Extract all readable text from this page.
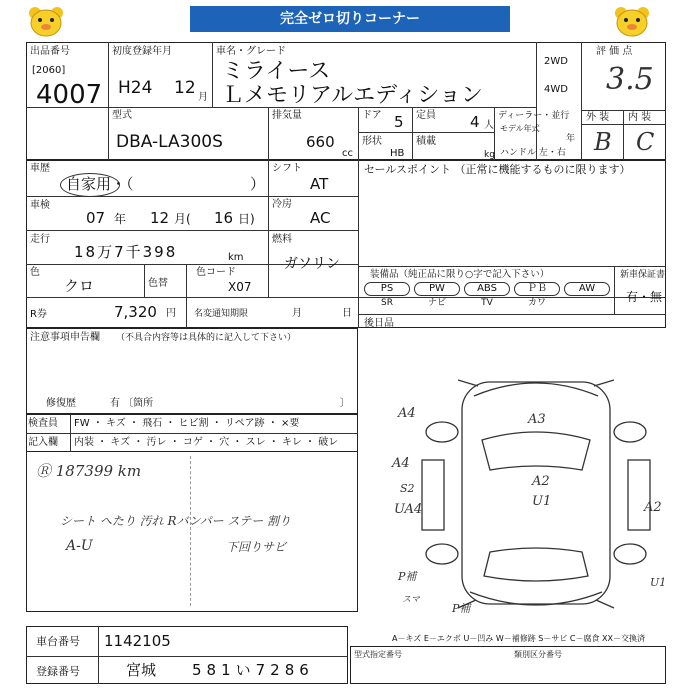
完全ゼロ切りコーナー
出品番号
[2060]
4007
初度登録年月
H24 12 月
車名・グレード
ミライース
Ｌメモリアルエディション
2WD
4WD
評 価 点
3.5
型式
DBA-LA300S
排気量
660
cc
ドア 5 定員 4 人
形状
HB
積載
kg
ディーラー・並行
モデル年式
年
ハンドル 左・右
外 装 内 装
B C
車歴
自家用・（	）
シフト
AT
セールスポイント （正常に機能するものに限ります）
車検
07 年 12 月( 16 日)
冷房
AC
走行
18万7千398	km
燃料
ガソリン
色
クロ	色替
色コード
X07
R券	7,320 円 名変通知期限	月	日
装備品（純正品に限り○字で記入下さい）	新車保証書
有・無
PS	PW	ABS	ＰＢ	AW
SR	ナビ	TV	カワ
後日品
注意事項申告欄 （不具合内容等は具体的に記入して下さい）
修復歴	有 〔箇所	〕
検査員 FW ・ キズ ・ 飛石 ・ ヒビ割 ・ リペア跡 ・ ×要
記入欄 内装 ・ キズ ・ 汚レ ・ コゲ ・ 穴 ・ スレ ・ キレ ・ 破レ
Ⓡ 187399 km
シート へたり 汚れ Rバンパー ステー 割り
A-U	下回りサビ
A4	A3
A4
A2
U1
S2
UA4	A2
P補	U1
P補
スマ
A－キズ E－エクボ U－凹み W－補修跡 S－サビ C－腐食 XX－交換済
車台番号 1142105
登録番号	宮城 581い7286
型式指定番号	類別区分番号
